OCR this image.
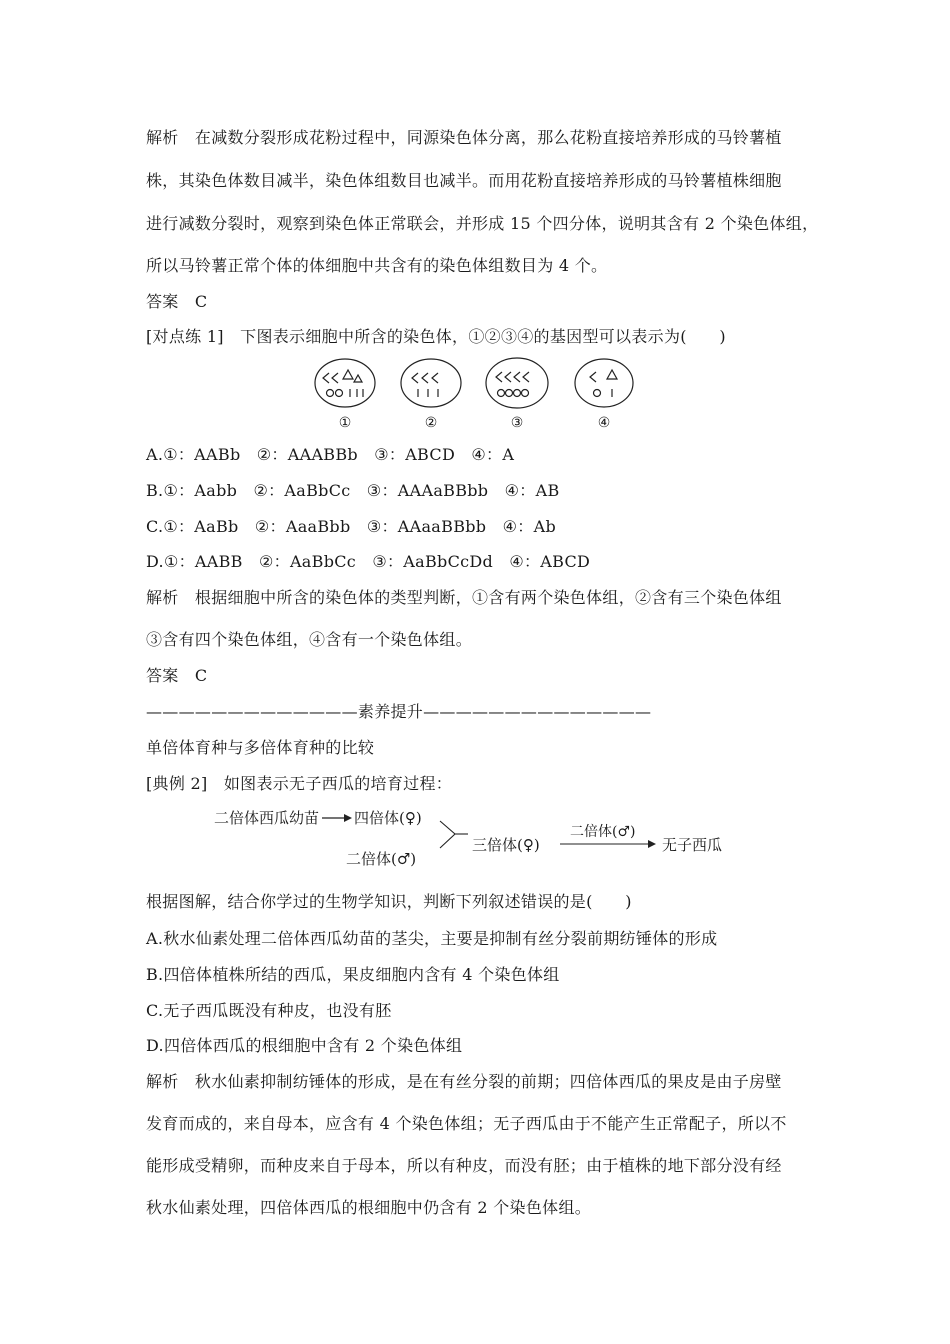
解析　在减数分裂形成花粉过程中，同源染色体分离，那么花粉直接培养形成的马铃薯植
株，其染色体数目减半，染色体组数目也减半。而用花粉直接培养形成的马铃薯植株细胞
进行减数分裂时，观察到染色体正常联会，并形成 15 个四分体，说明其含有 2 个染色体组，
所以马铃薯正常个体的体细胞中共含有的染色体组数目为 4 个。
答案　C
[对点练 1]　下图表示细胞中所含的染色体，①②③④的基因型可以表示为(　　)
①	②	③	④
A.①：AABb　②：AAABBb　③：ABCD　④：A
B.①：Aabb　②：AaBbCc　③：AAAaBBbb　④：AB
C.①：AaBb　②：AaaBbb　③：AAaaBBbb　④：Ab
D.①：AABB　②：AaBbCc　③：AaBbCcDd　④：ABCD
解析　根据细胞中所含的染色体的类型判断，①含有两个染色体组，②含有三个染色体组
③含有四个染色体组，④含有一个染色体组。
答案　C
—————————————素养提升——————————————
单倍体育种与多倍体育种的比较
[典例 2]　如图表示无子西瓜的培育过程：
二倍体西瓜幼苗 四倍体(♀)
二倍体(♂)
三倍体(♀)
二倍体(♂)
无子西瓜
根据图解，结合你学过的生物学知识，判断下列叙述错误的是(　　)
A.秋水仙素处理二倍体西瓜幼苗的茎尖，主要是抑制有丝分裂前期纺锤体的形成
B.四倍体植株所结的西瓜，果皮细胞内含有 4 个染色体组
C.无子西瓜既没有种皮，也没有胚
D.四倍体西瓜的根细胞中含有 2 个染色体组
解析　秋水仙素抑制纺锤体的形成，是在有丝分裂的前期；四倍体西瓜的果皮是由子房壁
发育而成的，来自母本，应含有 4 个染色体组；无子西瓜由于不能产生正常配子，所以不
能形成受精卵，而种皮来自于母本，所以有种皮，而没有胚；由于植株的地下部分没有经
秋水仙素处理，四倍体西瓜的根细胞中仍含有 2 个染色体组。
